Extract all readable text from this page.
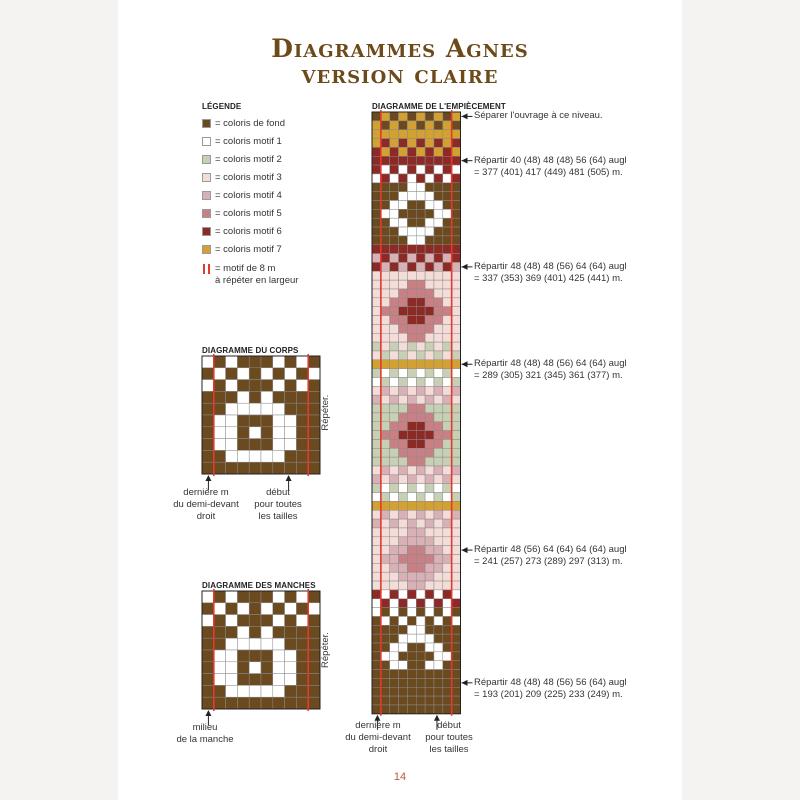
Diagrammes Agnes
version claire
LÉGENDE
= coloris de fond
= coloris motif 1
= coloris motif 2
= coloris motif 3
= coloris motif 4
= coloris motif 5
= coloris motif 6
= coloris motif 7
= motif de 8 m
à répéter en largeur
DIAGRAMME DU CORPS
Répéter.
dernière m
du demi-devant
droit
début
pour toutes
les tailles
DIAGRAMME DES MANCHES
Répéter.
milieu
de la manche
DIAGRAMME DE L'EMPIÈCEMENT
dernière m
du demi-devant
droit
début
pour toutes
les tailles
Séparer l'ouvrage à ce niveau.
Répartir 40 (48) 48 (48) 56 (64) augl
= 377 (401) 417 (449) 481 (505) m.
Répartir 48 (48) 48 (56) 64 (64) augl
= 337 (353) 369 (401) 425 (441) m.
Répartir 48 (48) 48 (56) 64 (64) augl
= 289 (305) 321 (345) 361 (377) m.
Répartir 48 (56) 64 (64) 64 (64) augl
= 241 (257) 273 (289) 297 (313) m.
Répartir 48 (48) 48 (56) 56 (64) augl
= 193 (201) 209 (225) 233 (249) m.
14
